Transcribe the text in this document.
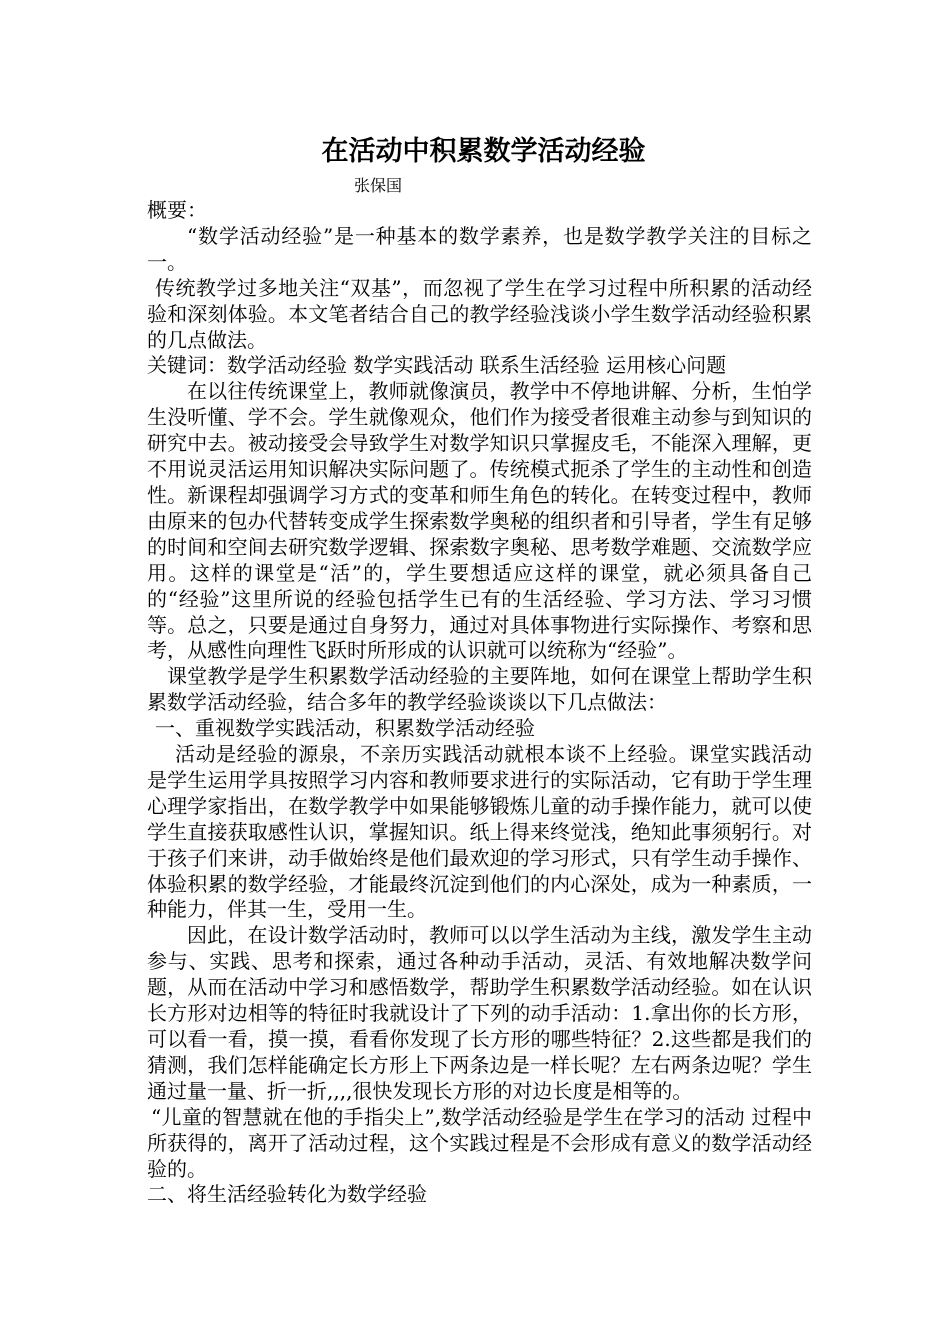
在活动中积累数学活动经验
张保国

概要：

“数学活动经验”是一种基本的数学素养，也是数学教学关注的目标之一。

传统教学过多地关注“双基”，而忽视了学生在学习过程中所积累的活动经验和深刻体验。本文笔者结合自己的教学经验浅谈小学生数学活动经验积累的几点做法。

关键词：数学活动经验 数学实践活动 联系生活经验 运用核心问题

在以往传统课堂上，教师就像演员，教学中不停地讲解、分析，生怕学生没听懂、学不会。学生就像观众，他们作为接受者很难主动参与到知识的研究中去。被动接受会导致学生对数学知识只掌握皮毛，不能深入理解，更不用说灵活运用知识解决实际问题了。传统模式扼杀了学生的主动性和创造性。新课程却强调学习方式的变革和师生角色的转化。在转变过程中，教师由原来的包办代替转变成学生探索数学奥秘的组织者和引导者，学生有足够的时间和空间去研究数学逻辑、探索数字奥秘、思考数学难题、交流数学应用。这样的课堂是“活”的，学生要想适应这样的课堂，就必须具备自己的“经验”这里所说的经验包括学生已有的生活经验、学习方法、学习习惯等。总之，只要是通过自身努力，通过对具体事物进行实际操作、考察和思考，从感性向理性飞跃时所形成的认识就可以统称为“经验”。

课堂教学是学生积累数学活动经验的主要阵地，如何在课堂上帮助学生积累数学活动经验，结合多年的教学经验谈谈以下几点做法：

一、重视数学实践活动，积累数学活动经验

活动是经验的源泉，不亲历实践活动就根本谈不上经验。课堂实践活动是学生运用学具按照学习内容和教师要求进行的实际活动，它有助于学生理心理学家指出，在数学教学中如果能够锻炼儿童的动手操作能力，就可以使学生直接获取感性认识，掌握知识。纸上得来终觉浅，绝知此事须躬行。对于孩子们来讲，动手做始终是他们最欢迎的学习形式，只有学生动手操作、体验积累的数学经验，才能最终沉淀到他们的内心深处，成为一种素质，一种能力，伴其一生，受用一生。

因此，在设计数学活动时，教师可以以学生活动为主线，激发学生主动参与、实践、思考和探索，通过各种动手活动，灵活、有效地解决数学问题，从而在活动中学习和感悟数学，帮助学生积累数学活动经验。如在认识长方形对边相等的特征时我就设计了下列的动手活动：1.拿出你的长方形，可以看一看，摸一摸，看看你发现了长方形的哪些特征？2.这些都是我们的猜测，我们怎样能确定长方形上下两条边是一样长呢？左右两条边呢？学生通过量一量、折一折,,,,很快发现长方形的对边长度是相等的。

“儿童的智慧就在他的手指尖上”,数学活动经验是学生在学习的活动 过程中所获得的，离开了活动过程，这个实践过程是不会形成有意义的数学活动经验的。

二、将生活经验转化为数学经验
